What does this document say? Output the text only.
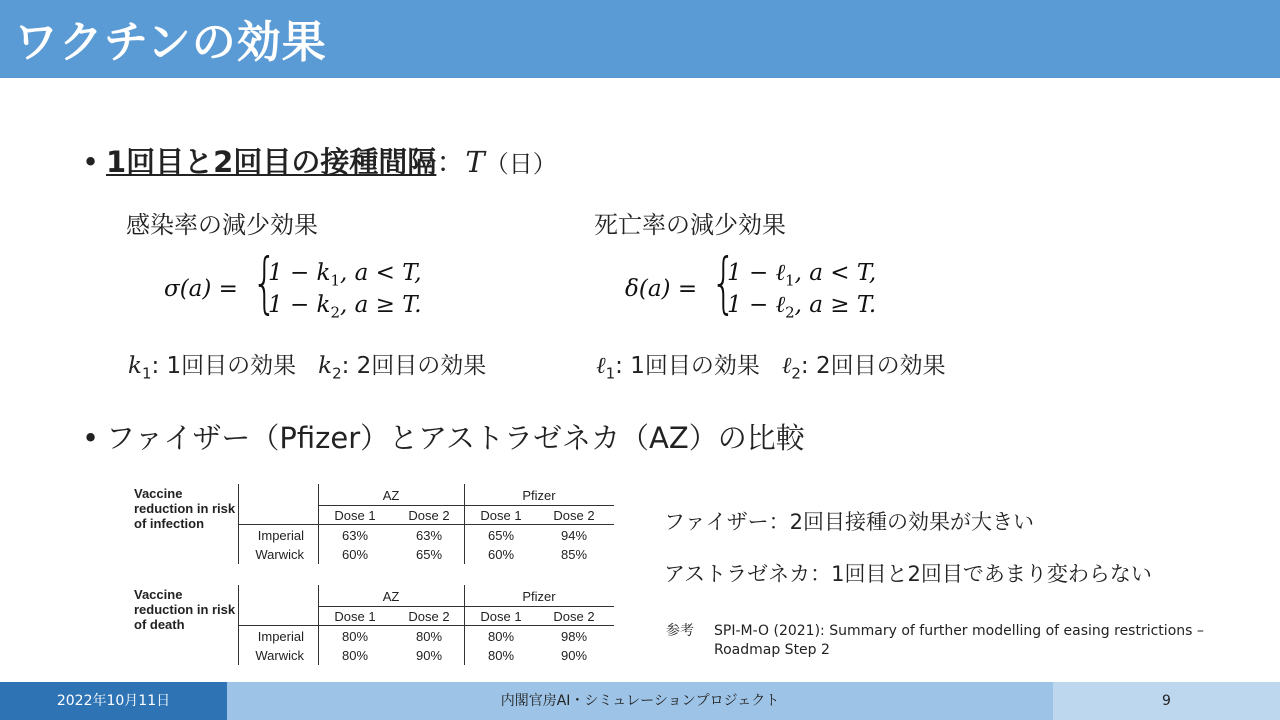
ワクチンの効果
• 1回目と2回目の接種間隔：T（日）
感染率の減少効果
σ(a) = {
$1 - k_1$, a < T,
$1 - k_2$, a ≥ T.
$k_1$: 1回目の効果 $k_2$: 2回目の効果
死亡率の減少効果
δ(a) = {
1 − ℓ$_1$, a < T,
1 − ℓ$_2$, a ≥ T.
ℓ$_1$: 1回目の効果 ℓ$_2$: 2回目の効果
• ファイザー（Pfizer）とアストラゼネカ（AZ）の比較
Vaccine reduction in risk of infection
AZ	Pfizer
Dose 1	Dose 2	Dose 1	Dose 2
Imperial	63%	63%	65%	94%
Warwick	60%	65%	60%	85%
Vaccine reduction in risk of death
AZ	Pfizer
Dose 1	Dose 2	Dose 1	Dose 2
Imperial	80%	80%	80%	98%
Warwick	80%	90%	80%	90%
ファイザー：2回目接種の効果が大きい
アストラゼネカ：1回目と2回目であまり変わらない
参考 SPI-M-O (2021): Summary of further modelling of easing restrictions – Roadmap Step 2
2022年10月11日	内閣官房AI・シミュレーションプロジェクト	9
